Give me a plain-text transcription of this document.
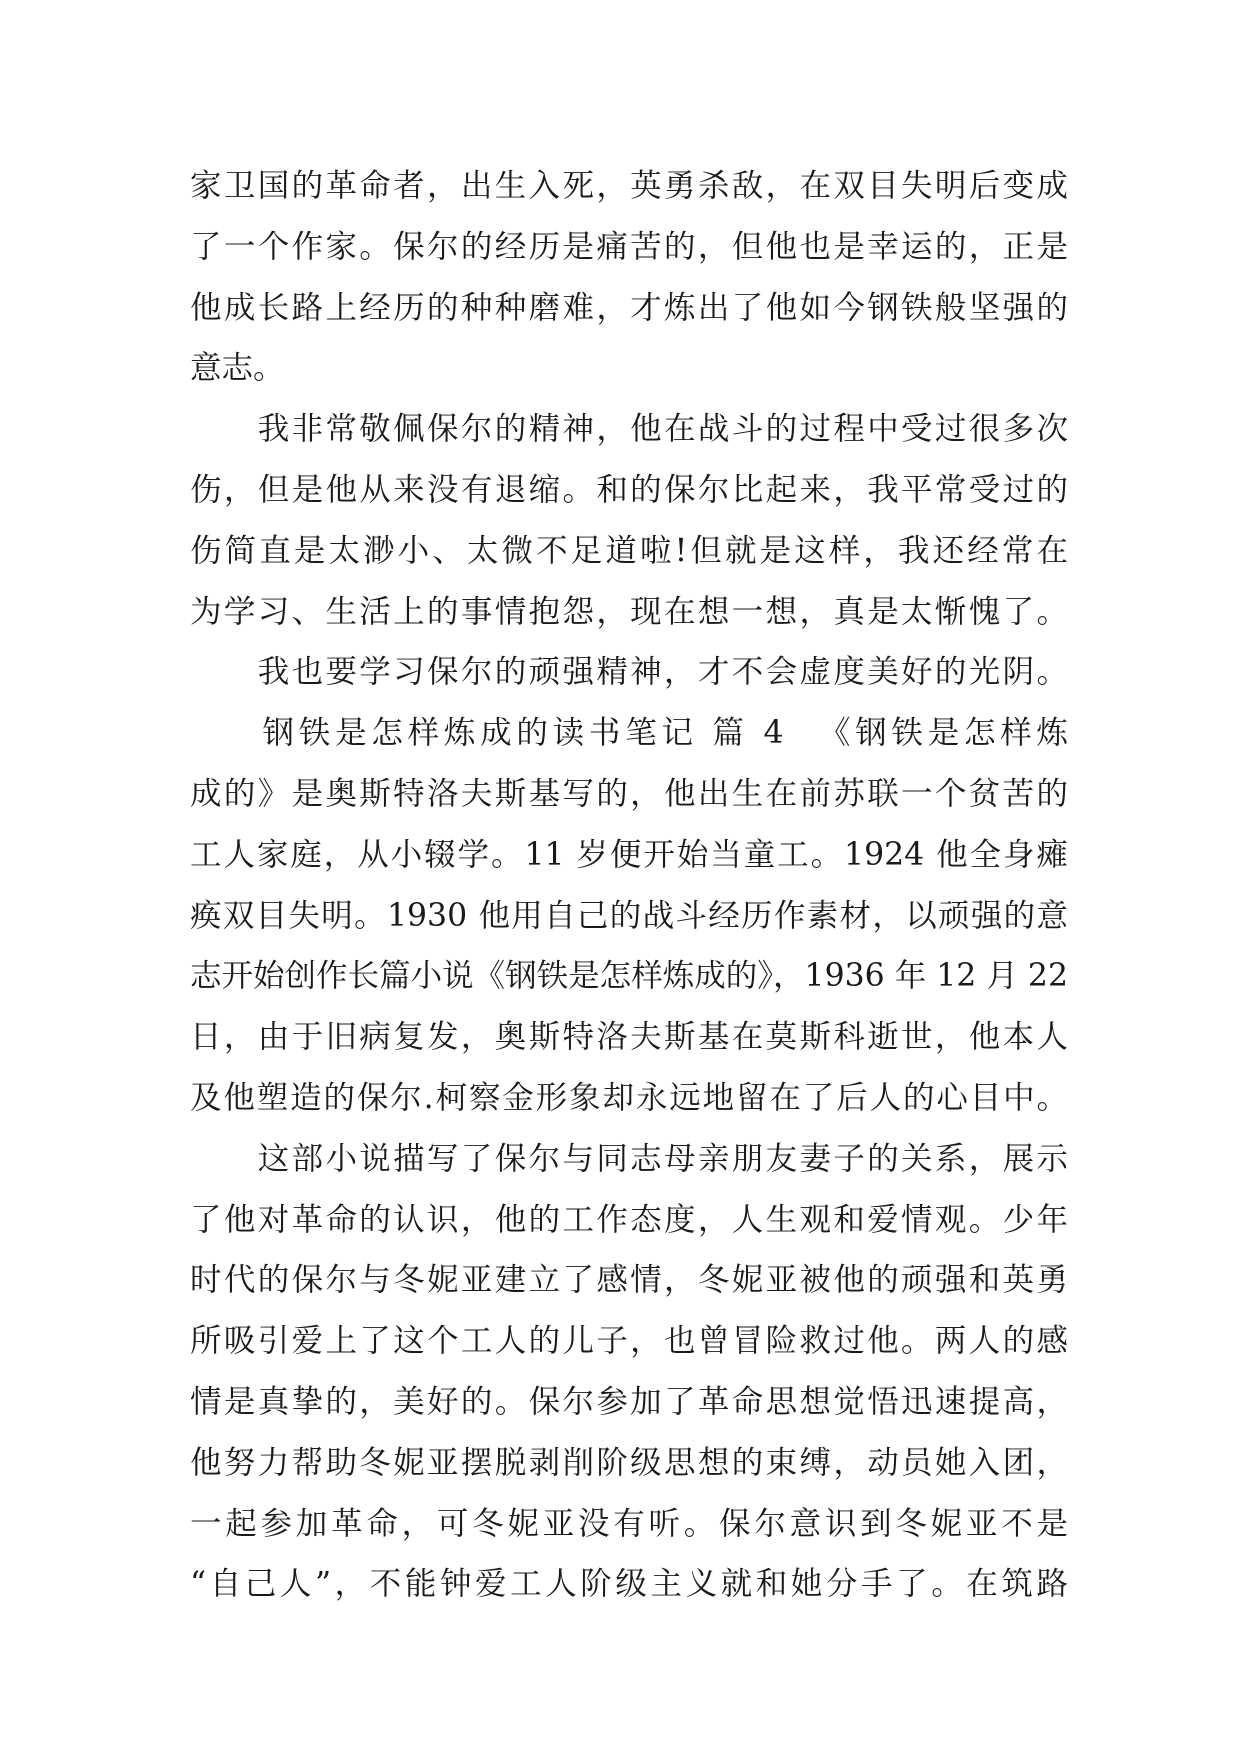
家卫国的革命者，出生入死，英勇杀敌，在双目失明后变成
了一个作家。保尔的经历是痛苦的，但他也是幸运的，正是
他成长路上经历的种种磨难，才炼出了他如今钢铁般坚强的
意志。
　　我非常敬佩保尔的精神，他在战斗的过程中受过很多次
伤，但是他从来没有退缩。和的保尔比起来，我平常受过的
伤简直是太渺小、太微不足道啦!但就是这样，我还经常在
为学习、生活上的事情抱怨，现在想一想，真是太惭愧了。
　　我也要学习保尔的顽强精神，才不会虚度美好的光阴。
　　钢铁是怎样炼成的读书笔记 篇 4 　《钢铁是怎样炼
成的》是奥斯特洛夫斯基写的，他出生在前苏联一个贫苦的
工人家庭，从小辍学。11 岁便开始当童工。1924 他全身瘫
痪双目失明。1930 他用自己的战斗经历作素材，以顽强的意
志开始创作长篇小说《钢铁是怎样炼成的》，1936 年 12 月 22
日，由于旧病复发，奥斯特洛夫斯基在莫斯科逝世，他本人
及他塑造的保尔.柯察金形象却永远地留在了后人的心目中。
　　这部小说描写了保尔与同志母亲朋友妻子的关系，展示
了他对革命的认识，他的工作态度，人生观和爱情观。少年
时代的保尔与冬妮亚建立了感情，冬妮亚被他的顽强和英勇
所吸引爱上了这个工人的儿子，也曾冒险救过他。两人的感
情是真挚的，美好的。保尔参加了革命思想觉悟迅速提高，
他努力帮助冬妮亚摆脱剥削阶级思想的束缚，动员她入团，
一起参加革命，可冬妮亚没有听。保尔意识到冬妮亚不是
“自己人”，不能钟爱工人阶级主义就和她分手了。在筑路
